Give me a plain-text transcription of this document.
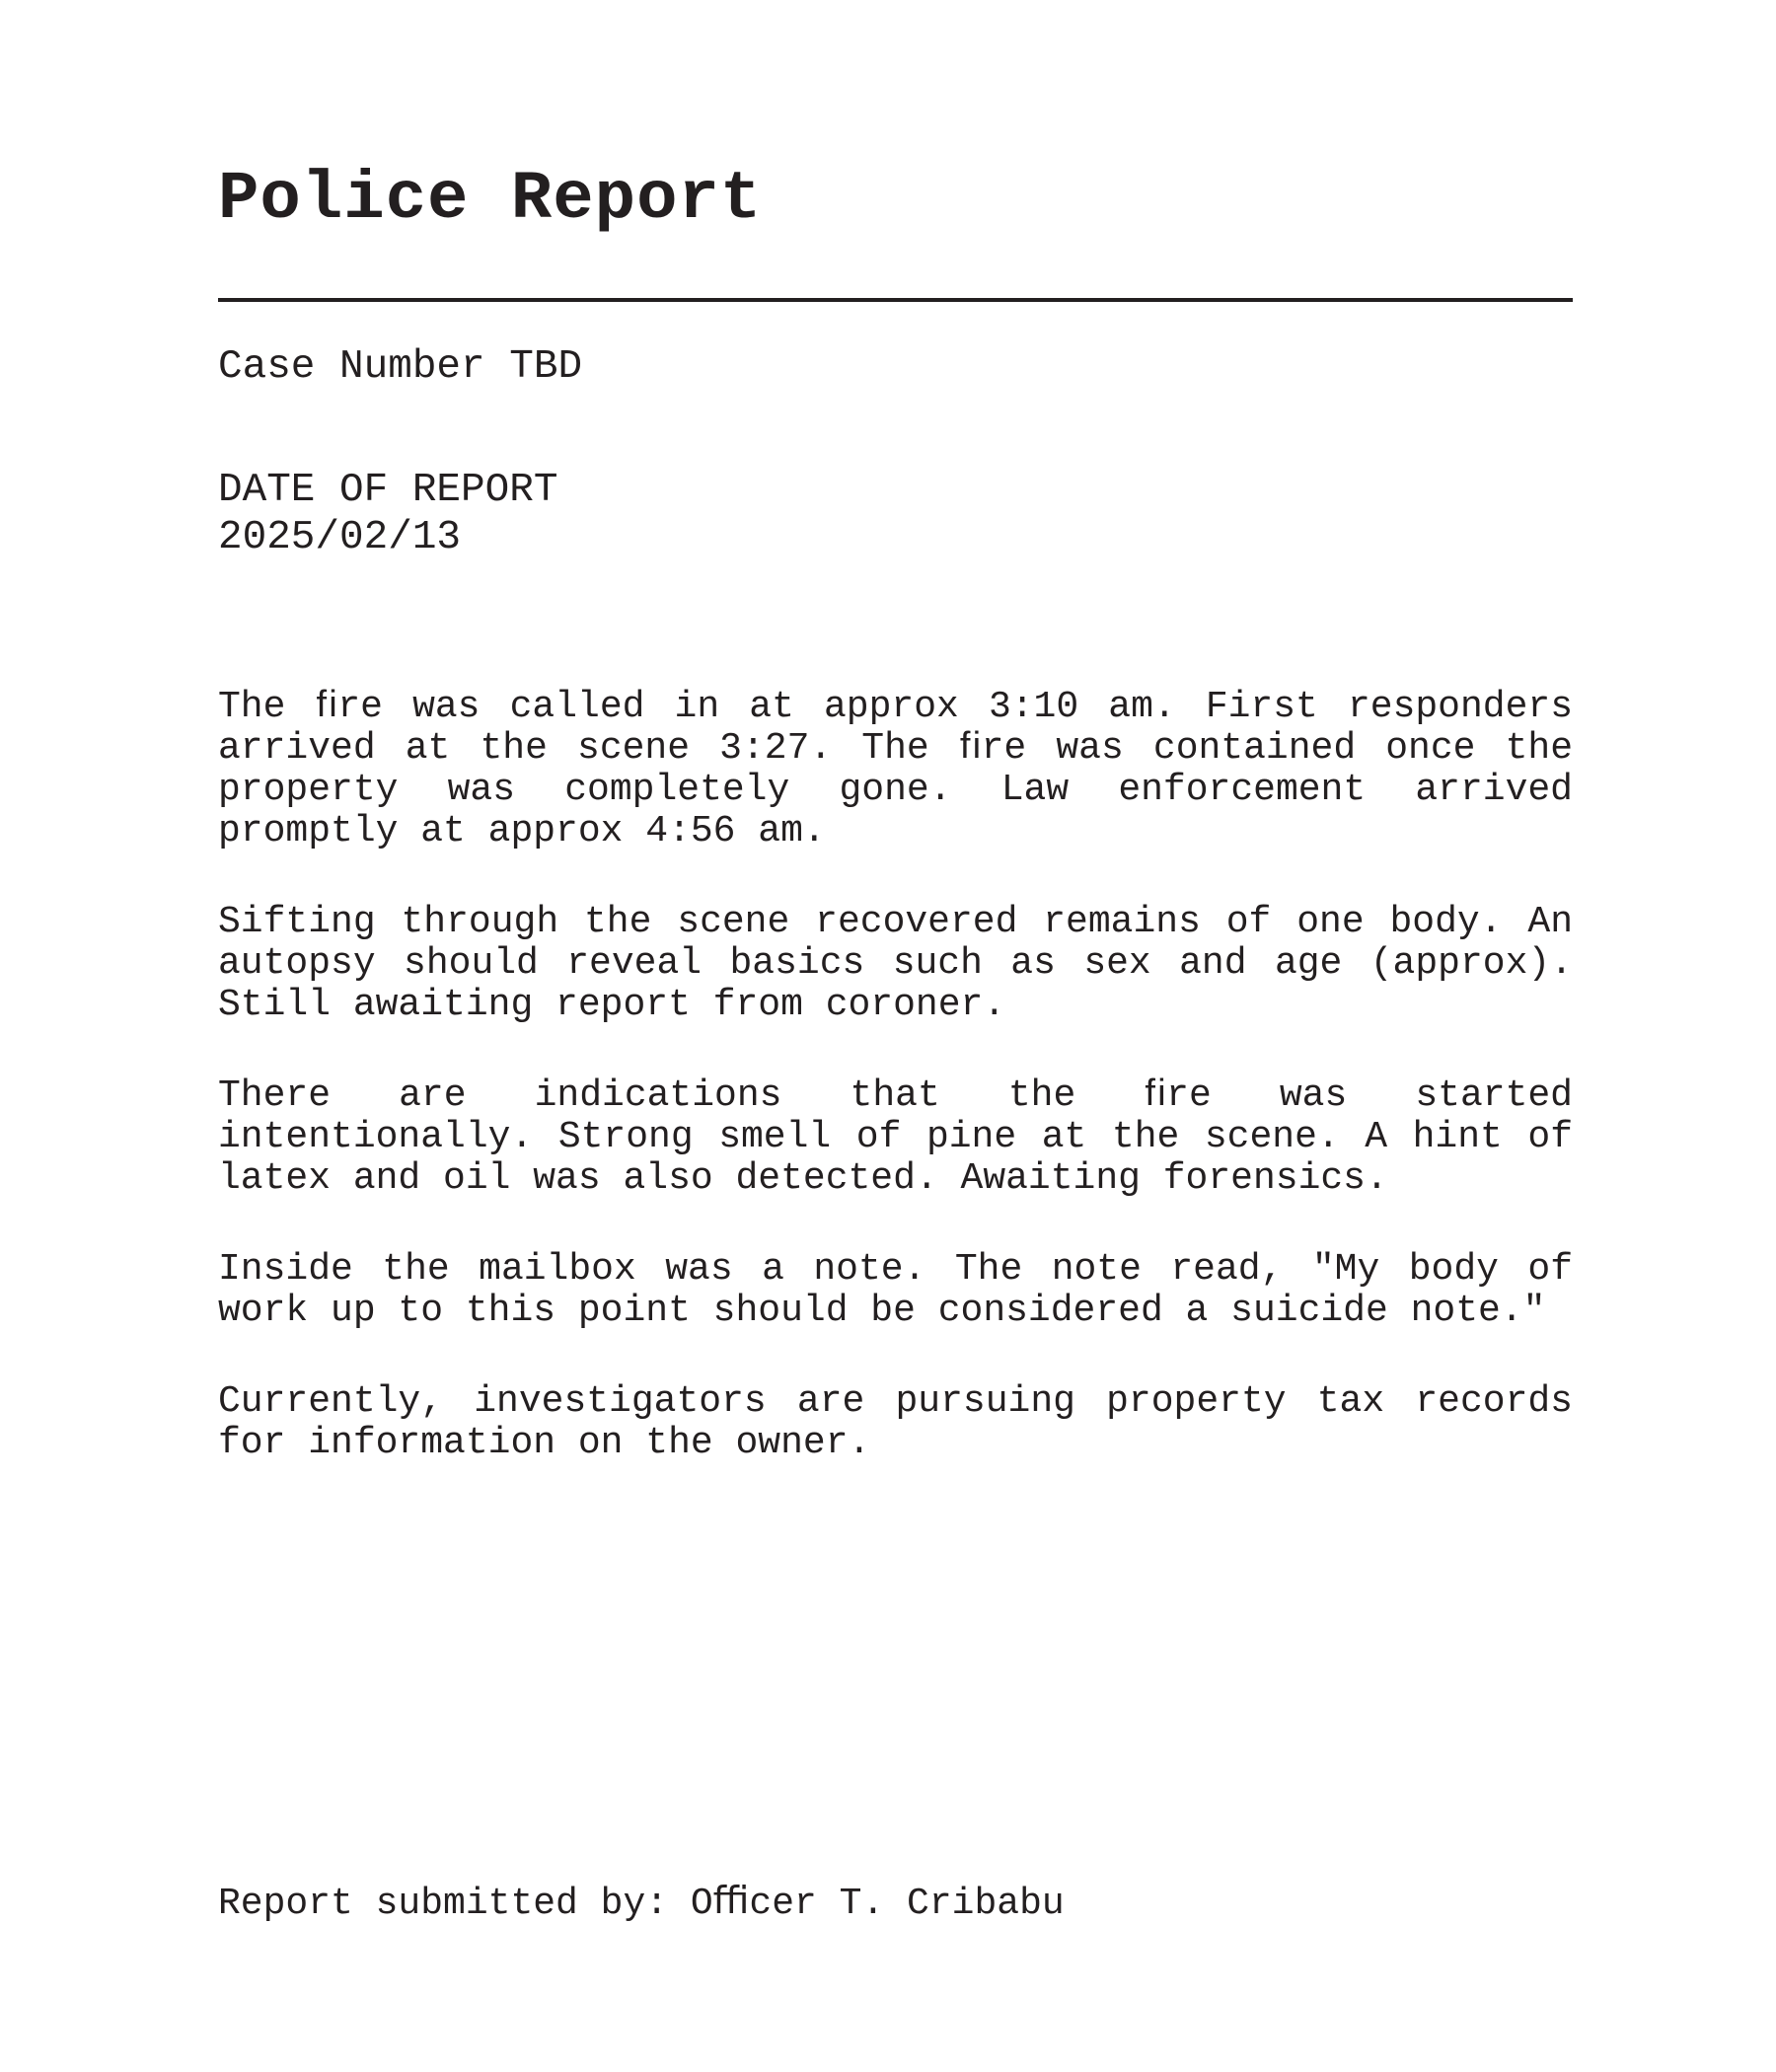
Police Report
Case Number TBD
DATE OF REPORT
2025/02/13

The ﬁre was called in at approx 3:10 am. First responders arrived at the scene 3:27. The ﬁre was contained once the property was completely gone. Law enforcement arrived promptly at approx 4:56 am.

Sifting through the scene recovered remains of one body. An autopsy should reveal basics such as sex and age (approx). Still awaiting report from coroner.

There are indications that the ﬁre was started intentionally. Strong smell of pine at the scene. A hint of latex and oil was also detected. Awaiting forensics.

Inside the mailbox was a note. The note read, "My body of work up to this point should be considered a suicide note."

Currently, investigators are pursuing property tax records for information on the owner.

Report submitted by: Oﬃcer T. Cribabu
